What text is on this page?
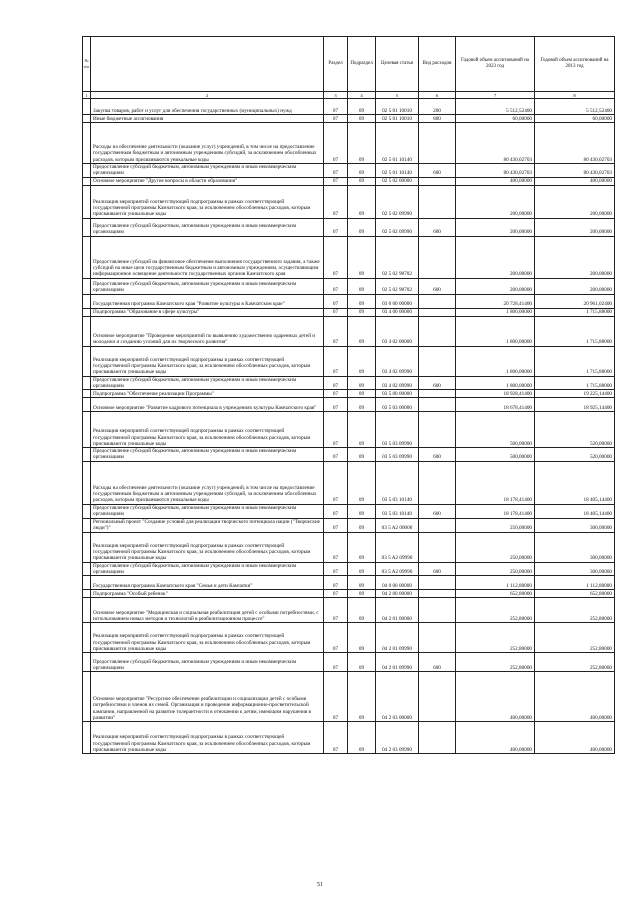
№ п/п		Раздел	Подраздел	Целевая статья	Вид расходов	Годовой объем ассигнований на 2023 год	Годовой объем ассигнований на 2013 год
1	2	3	4	5	6	7	8
	Закупка товаров, работ и услуг для обеспечения государственных (муниципальных) нужд	07	09	02 5 01 10010	200	5 512,52400	5 512,52400
	Иные бюджетные ассигнования	07	09	02 5 01 10010	800	60,00000	60,00000
	Расходы на обеспечение деятельности (оказание услуг) учреждений, в том числе на предоставление государственным бюджетным и автономным учреждениям субсидий, за исключением обособленных расходов, которым присваиваются уникальные коды	07	09	02 5 01 10140		80 430,02703	80 430,02703
	Предоставление субсидий бюджетным, автономным учреждениям и иным некоммерческим организациям	07	09	02 5 01 10140	600	80 430,02703	80 430,02703
	Основное мероприятие "Другие вопросы в области образования"	07	09	02 5 02 00000		400,00000	400,00000
	Реализация мероприятий соответствующей подпрограммы в рамках соответствующей государственной программы Камчатского края, за исключением обособленных расходов, которым присваиваются уникальные коды	07	09	02 5 02 09990		200,00000	200,00000
	Предоставление субсидий бюджетным, автономным учреждениям и иным некоммерческим организациям	07	09	02 5 02 09990	600	200,00000	200,00000
	Предоставление субсидий на финансовое обеспечение выполнения государственного задания, а также субсидий на иные цели государственным бюджетным и автономным учреждениям, осуществляющим информационное освещение деятельности государственных органов Камчатского края	07	09	02 5 02 98702		200,00000	200,00000
	Предоставление субсидий бюджетным, автономным учреждениям и иным некоммерческим организациям	07	09	02 5 02 98702	600	200,00000	200,00000
	Государственная программа Камчатского края "Развитие культуры в Камчатском крае"	07	09	03 0 00 00000		20 728,41400	20 961,02400
	Подпрограмма "Образование в сфере культуры"	07	09	03 4 00 00000		1 800,00000	1 715,88000
	Основное мероприятие "Проведение мероприятий по выявлению художественно одаренных детей и молодежи и созданию условий для их творческого развития"	07	09	03 4 02 00000		1 800,00000	1 715,88000
	Реализация мероприятий соответствующей подпрограммы в рамках соответствующей государственной программы Камчатского края, за исключением обособленных расходов, которым присваиваются уникальные коды	07	09	03 4 02 09990		1 800,00000	1 715,88000
	Предоставление субсидий бюджетным, автономным учреждениям и иным некоммерческим организациям	07	09	03 4 02 09990	600	1 800,00000	1 715,88000
	Подпрограмма "Обеспечение реализации Программы"	07	09	03 5 00 00000		18 928,41400	19 225,14400
	Основное мероприятие "Развитие кадрового потенциала в учреждениях культуры Камчатского края"	07	09	03 5 03 00000		18 678,41400	18 925,14400
	Реализация мероприятий соответствующей подпрограммы в рамках соответствующей государственной программы Камчатского края, за исключением обособленных расходов, которым присваиваются уникальные коды	07	09	03 5 03 09990		500,00000	520,00000
	Предоставление субсидий бюджетным, автономным учреждениям и иным некоммерческим организациям	07	09	03 5 03 09990	600	500,00000	520,00000
	Расходы на обеспечение деятельности (оказание услуг) учреждений, в том числе на предоставление государственным бюджетным и автономным учреждениям субсидий, за исключением обособленных расходов, которым присваиваются уникальные коды	07	09	03 5 03 10140		18 178,41400	18 405,14400
	Предоставление субсидий бюджетным, автономным учреждениям и иным некоммерческим организациям	07	09	03 5 03 10140	600	18 178,41400	18 405,14400
	Региональный проект "Создание условий для реализации творческого потенциала нации ("Творческие люди")"	07	09	03 5 A2 00000		250,00000	300,00000
	Реализация мероприятий соответствующей подпрограммы в рамках соответствующей государственной программы Камчатского края, за исключением обособленных расходов, которым присваиваются уникальные коды	07	09	03 5 A2 09990		250,00000	300,00000
	Предоставление субсидий бюджетным, автономным учреждениям и иным некоммерческим организациям	07	09	03 5 A2 09990	600	250,00000	300,00000
	Государственная программа Камчатского края "Семья и дети Камчатки"	07	09	04 0 00 00000		1 112,80000	1 112,80000
	Подпрограмма "Особый ребенок"	07	09	04 2 00 00000		652,80000	652,80000
	Основное мероприятие "Медицинская и социальная реабилитация детей с особыми потребностями, с использованием новых методов и технологий в реабилитационном процессе"	07	09	04 2 01 00000		252,80000	252,80000
	Реализация мероприятий соответствующей подпрограммы в рамках соответствующей государственной программы Камчатского края, за исключением обособленных расходов, которым присваиваются уникальные коды	07	09	04 2 01 09990		252,80000	252,80000
	Предоставление субсидий бюджетным, автономным учреждениям и иным некоммерческим организациям	07	09	04 2 01 09990	600	252,80000	252,80000
	Основное мероприятие "Ресурсное обеспечение реабилитации и социализации детей с особыми потребностями и членов их семей. Организация и проведение информационно-просветительской кампании, направленной на развитие толерантности в отношении к детям, имеющим нарушения в развитии"	07	09	04 2 03 00000		400,00000	400,00000
	Реализация мероприятий соответствующей подпрограммы в рамках соответствующей государственной программы Камчатского края, за исключением обособленных расходов, которым присваиваются уникальные коды	07	09	04 2 03 09990		400,00000	400,00000
51
